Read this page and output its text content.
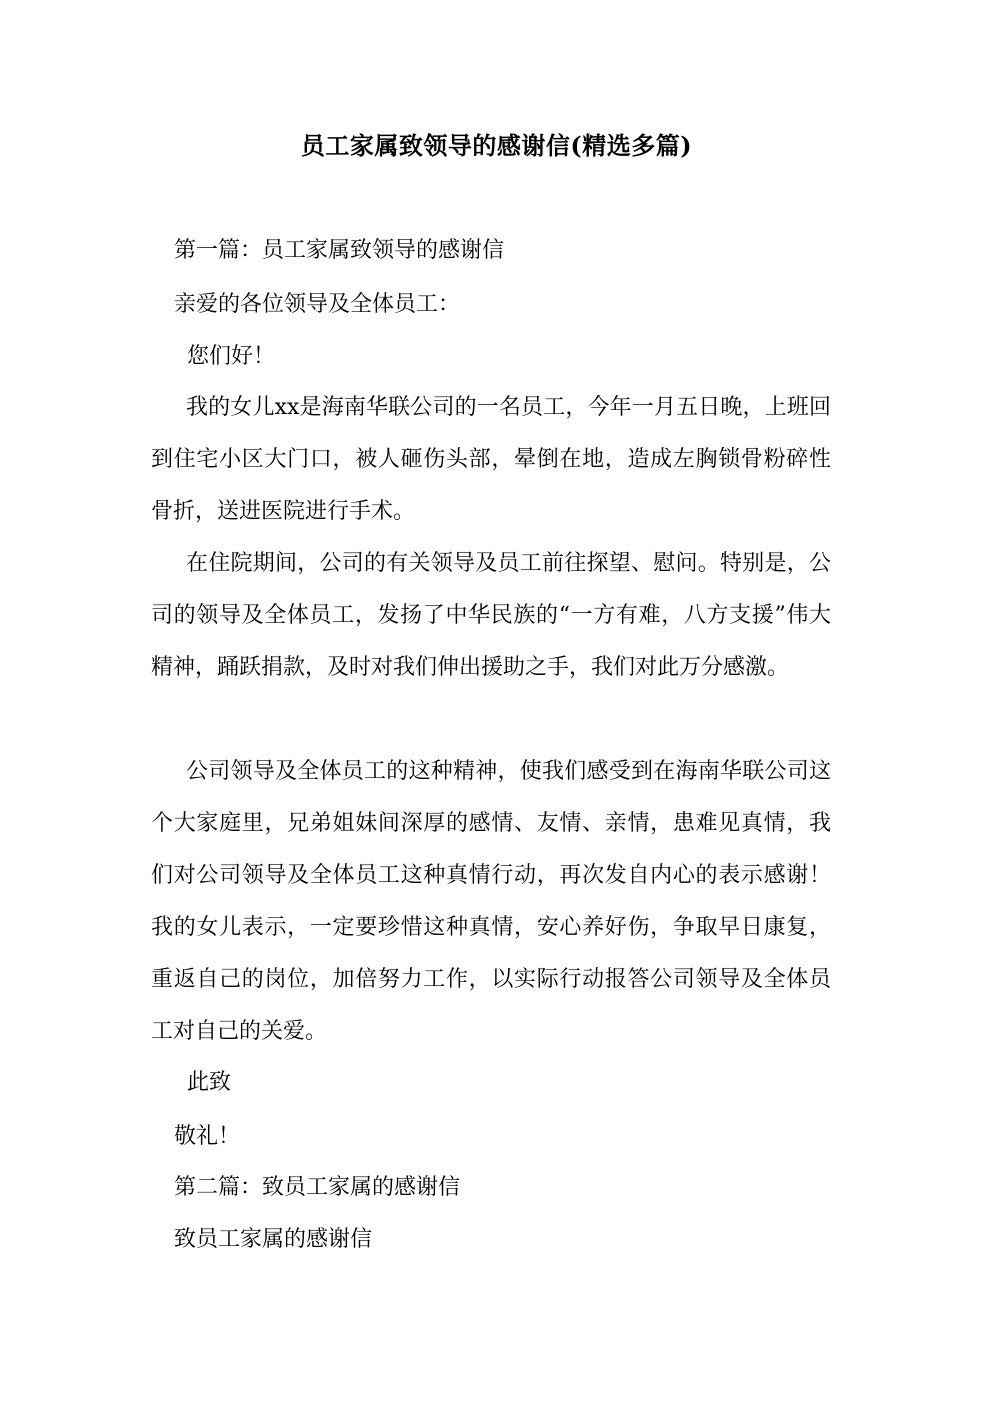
员工家属致领导的感谢信(精选多篇)
第一篇：员工家属致领导的感谢信
亲爱的各位领导及全体员工：
您们好！
我的女儿xx是海南华联公司的一名员工，今年一月五日晚，上班回到住宅小区大门口，被人砸伤头部，晕倒在地，造成左胸锁骨粉碎性骨折，送进医院进行手术。
在住院期间，公司的有关领导及员工前往探望、慰问。特别是，公司的领导及全体员工，发扬了中华民族的“一方有难，八方支援”伟大精神，踊跃捐款，及时对我们伸出援助之手，我们对此万分感激。
公司领导及全体员工的这种精神，使我们感受到在海南华联公司这个大家庭里，兄弟姐妹间深厚的感情、友情、亲情，患难见真情，我们对公司领导及全体员工这种真情行动，再次发自内心的表示感谢！我的女儿表示，一定要珍惜这种真情，安心养好伤，争取早日康复，重返自己的岗位，加倍努力工作，以实际行动报答公司领导及全体员工对自己的关爱。
此致
敬礼！
第二篇：致员工家属的感谢信
致员工家属的感谢信
